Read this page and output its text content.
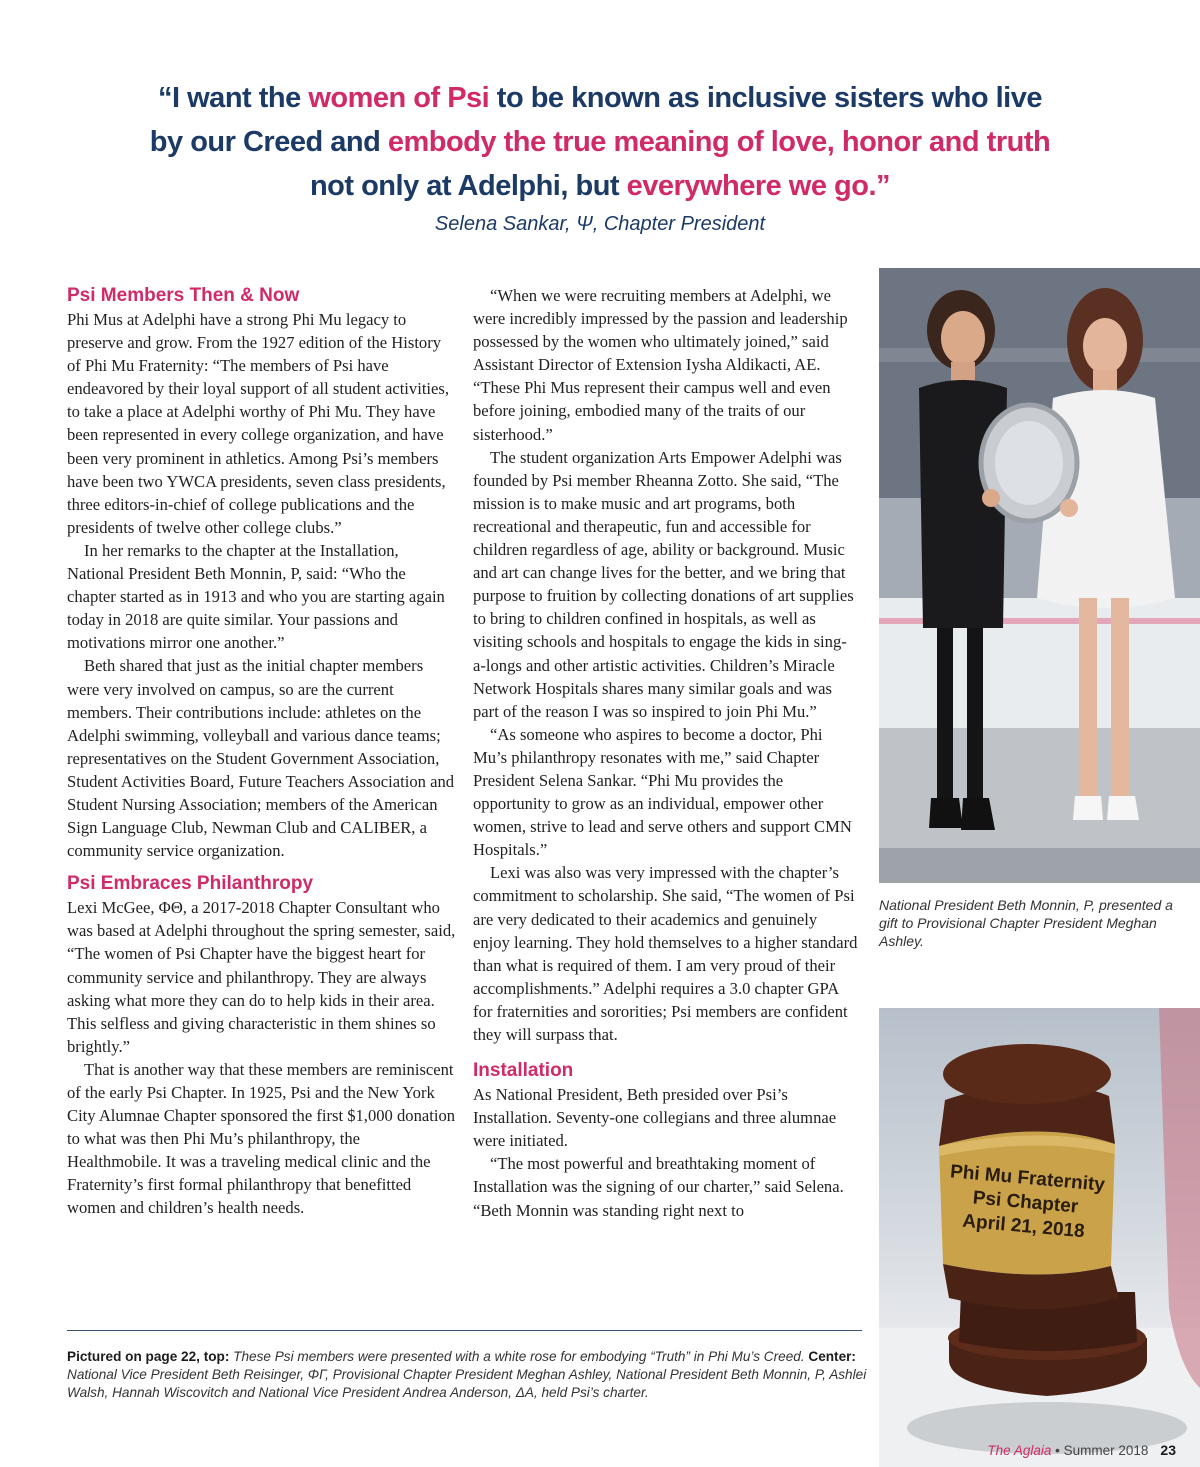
“I want the women of Psi to be known as inclusive sisters who live
by our Creed and embody the true meaning of love, honor and truth
not only at Adelphi, but everywhere we go.”
Selena Sankar, Ψ, Chapter President
Psi Members Then & Now

Phi Mus at Adelphi have a strong Phi Mu legacy to preserve and grow. From the 1927 edition of the History of Phi Mu Fraternity: “The members of Psi have endeavored by their loyal support of all student activities, to take a place at Adelphi worthy of Phi Mu. They have been represented in every college organization, and have been very prominent in athletics. Among Psi’s members have been two YWCA presidents, seven class presidents, three editors-in-chief of college publications and the presidents of twelve other college clubs.”

In her remarks to the chapter at the Installation, National President Beth Monnin, P, said: “Who the chapter started as in 1913 and who you are starting again today in 2018 are quite similar. Your passions and motivations mirror one another.”

Beth shared that just as the initial chapter members were very involved on campus, so are the current members. Their contributions include: athletes on the Adelphi swimming, volleyball and various dance teams; representatives on the Student Government Association, Student Activities Board, Future Teachers Association and Student Nursing Association; members of the American Sign Language Club, Newman Club and CALIBER, a community service organization.

Psi Embraces Philanthropy

Lexi McGee, ΦΘ, a 2017-2018 Chapter Consultant who was based at Adelphi throughout the spring semester, said, “The women of Psi Chapter have the biggest heart for community service and philanthropy. They are always asking what more they can do to help kids in their area. This selfless and giving characteristic in them shines so brightly.”

That is another way that these members are reminiscent of the early Psi Chapter. In 1925, Psi and the New York City Alumnae Chapter sponsored the first $1,000 donation to what was then Phi Mu’s philanthropy, the Healthmobile. It was a traveling medical clinic and the Fraternity’s first formal philanthropy that benefitted women and children’s health needs.

“When we were recruiting members at Adelphi, we were incredibly impressed by the passion and leadership possessed by the women who ultimately joined,” said Assistant Director of Extension Iysha Aldikacti, AE. “These Phi Mus represent their campus well and even before joining, embodied many of the traits of our sisterhood.”

The student organization Arts Empower Adelphi was founded by Psi member Rheanna Zotto. She said, “The mission is to make music and art programs, both recreational and therapeutic, fun and accessible for children regardless of age, ability or background. Music and art can change lives for the better, and we bring that purpose to fruition by collecting donations of art supplies to bring to children confined in hospitals, as well as visiting schools and hospitals to engage the kids in sing-a-longs and other artistic activities. Children’s Miracle Network Hospitals shares many similar goals and was part of the reason I was so inspired to join Phi Mu.”

“As someone who aspires to become a doctor, Phi Mu’s philanthropy resonates with me,” said Chapter President Selena Sankar. “Phi Mu provides the opportunity to grow as an individual, empower other women, strive to lead and serve others and support CMN Hospitals.”

Lexi was also was very impressed with the chapter’s commitment to scholarship. She said, “The women of Psi are very dedicated to their academics and genuinely enjoy learning. They hold themselves to a higher standard than what is required of them. I am very proud of their accomplishments.” Adelphi requires a 3.0 chapter GPA for fraternities and sororities; Psi members are confident they will surpass that.

Installation

As National President, Beth presided over Psi’s Installation. Seventy-one collegians and three alumnae were initiated.

“The most powerful and breathtaking moment of Installation was the signing of our charter,” said Selena. “Beth Monnin was standing right next to

Pictured on page 22, top: These Psi members were presented with a white rose for embodying “Truth” in Phi Mu’s Creed. Center: National Vice President Beth Reisinger, ΦΓ, Provisional Chapter President Meghan Ashley, National President Beth Monnin, P, Ashlei Walsh, Hannah Wiscovitch and National Vice President Andrea Anderson, ΔA, held Psi’s charter.
National President Beth Monnin, P, presented a gift to Provisional Chapter President Meghan Ashley.
Phi Mu Fraternity
Psi Chapter
April 21, 2018
The Aglaia • Summer 2018 23
